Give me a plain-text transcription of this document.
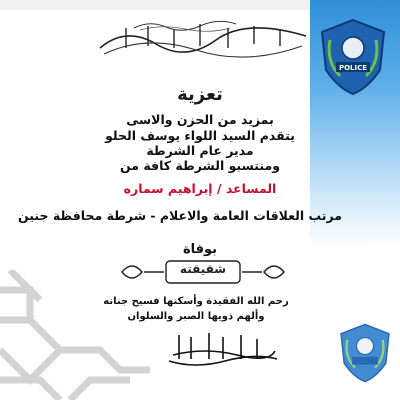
POLICE
تعزية
بمزيد من الحزن والاسى
يتقدم السيد اللواء يوسف الحلو
مدير عام الشرطة
ومنتسبو الشرطة كافة من
المساعد / إبراهيم سماره
مرتب العلاقات العامة والاعلام - شرطة محافظة جنين
بوفاة
شقيقته
رحم الله الفقيدة وأسكنها فسيح جنانه
وألهم ذويها الصبر والسلوان
